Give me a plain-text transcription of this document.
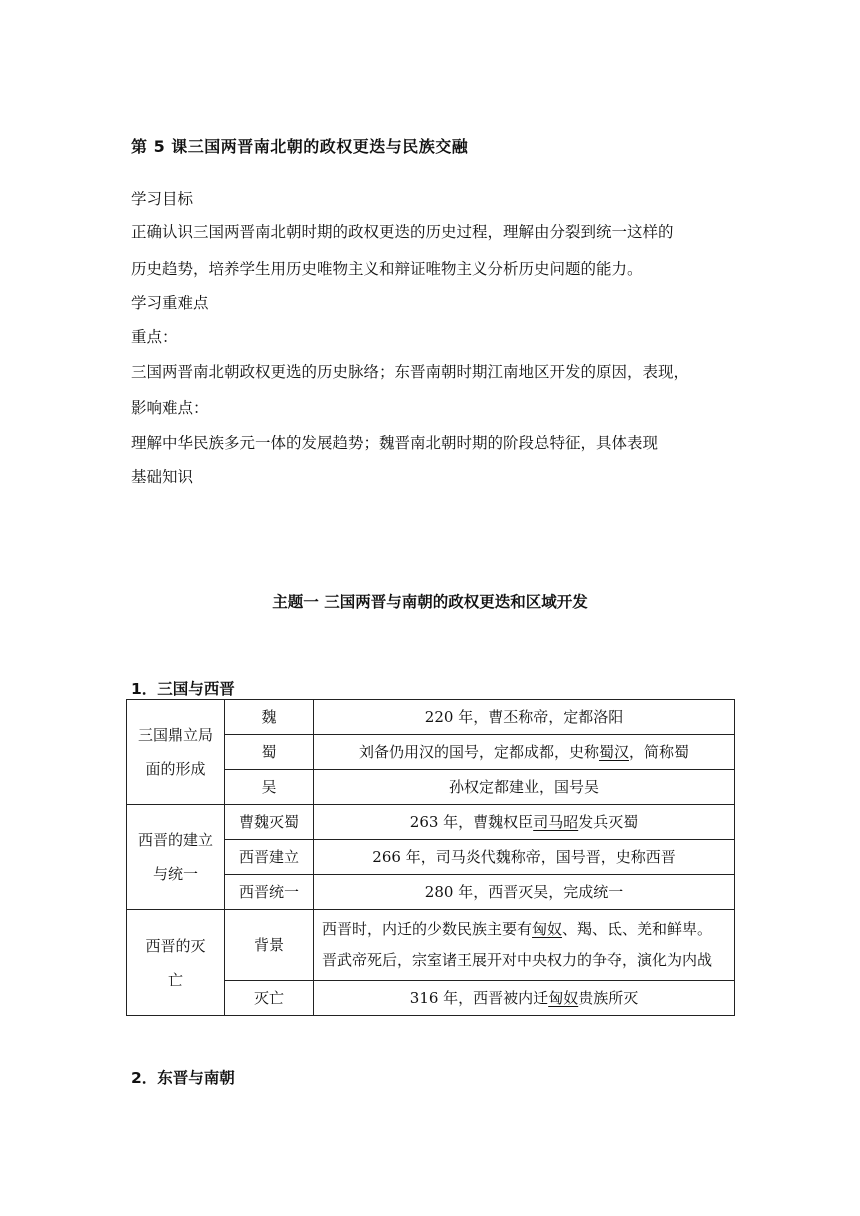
第 5 课三国两晋南北朝的政权更迭与民族交融
学习目标
正确认识三国两晋南北朝时期的政权更迭的历史过程，理解由分裂到统一这样的
历史趋势，培养学生用历史唯物主义和辩证唯物主义分析历史问题的能力。
学习重难点
重点：
三国两晋南北朝政权更选的历史脉络；东晋南朝时期江南地区开发的原因，表现，
影响难点：
理解中华民族多元一体的发展趋势；魏晋南北朝时期的阶段总特征，具体表现
基础知识
主题一 三国两晋与南朝的政权更迭和区域开发
1．三国与西晋
三国鼎立局面的形成	魏	220 年，曹丕称帝，定都洛阳
	蜀	刘备仍用汉的国号，定都成都，史称蜀汉，简称蜀
	吴	孙权定都建业，国号吴
西晋的建立与统一	曹魏灭蜀	263 年，曹魏权臣司马昭发兵灭蜀
	西晋建立	266 年，司马炎代魏称帝，国号晋，史称西晋
	西晋统一	280 年，西晋灭吴，完成统一
西晋的灭亡	背景	西晋时，内迁的少数民族主要有匈奴、羯、氐、羌和鲜卑。晋武帝死后，宗室诸王展开对中央权力的争夺，演化为内战
	灭亡	316 年，西晋被内迁匈奴贵族所灭
2．东晋与南朝
